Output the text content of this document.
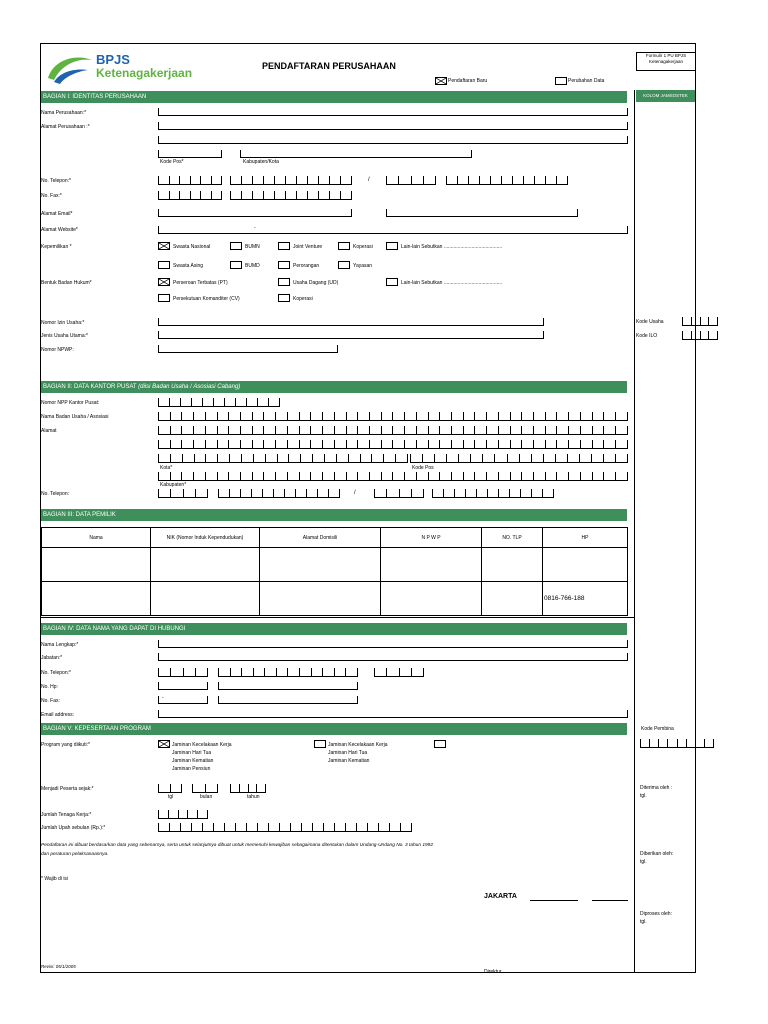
BPJS
Ketenagakerjaan	PENDAFTARAN PERUSAHAAN
Formulir 1 PU BPJS
Ketenagakerjaan
Pendaftaran Baru	Perubahan Data
KOLOM JAMSOSTEK
Kode Usaha
Kode ILO
Kode Pembina
Diterima oleh :
tgl.
Diberikan oleh:
tgl.
Diproses oleh:
tgl.
BAGIAN I: IDENTITAS PERUSAHAAN
Nama Perusahaan:*
Alamat Perusahaan :*
Kode Pos*	Kabupaten/Kota
No. Telepon:*	/
No. Fax:*
Alamat Email*
Alamat Website*	-
Kepemilikan *	Swasta Nasional	BUMN	Joint Venture	Koperasi	Lain-lain Sebutkan ..........................................
Swasta Asing	BUMD	Perorangan	Yayasan
Bentuk Badan Hukum*	Perseroan Terbatas (PT)	Usaha Dagang (UD)	Lain-lain Sebutkan ..........................................
Persekutuan Komanditer (CV)	Koperasi
Nomor Izin Usaha:*
Jenis Usaha Utama:*
Nomor NPWP:
BAGIAN II: DATA KANTOR PUSAT (diisi Badan Usaha / Asosiasi Cabang)
Nomor NPP Kantor Pusat:
Nama Badan Usaha / Asosiasi
Alamat
Kota*	Kode Pos
Kabupaten*
No. Telepon:	/
BAGIAN III: DATA PEMILIK
Nama	NIK (Nomor Induk Kependudukan)	Alamat Domisili	N P W P	NO. TLP	HP

					0816-766-188
BAGIAN IV: DATA NAMA YANG DAPAT DI HUBUNGI
Nama Lengkap:*
Jabatan:*
No. Telepon:*
No. Hp:
No. Fax:	-
Email address:
BAGIAN V: KEPESERTAAN PROGRAM
Program yang diikuti:*	Jaminan Kecelakaan Kerja
Jaminan Hari Tua
Jaminan Kematian
Jaminan Pensiun
Jaminan Kecelakaan Kerja
Jaminan Hari Tua
Jaminan Kematian
Menjadi Peserta sejak:*
tgl	bulan	tahun
Jumlah Tenaga Kerja:*
Jumlah Upah sebulan (Rp.):*
Pendaftaran ini dibuat berdasarkan data yang sebenarnya, serta untuk selanjutnya dibuat untuk memenuhi kewajiban sebagaimana ditentukan dalam Undang-Undang No. 3 tahun 1992
dan peraturan pelaksanaannya.
* Wajib di isi
JAKARTA
Revisi: 05/1/2005
Direktur
